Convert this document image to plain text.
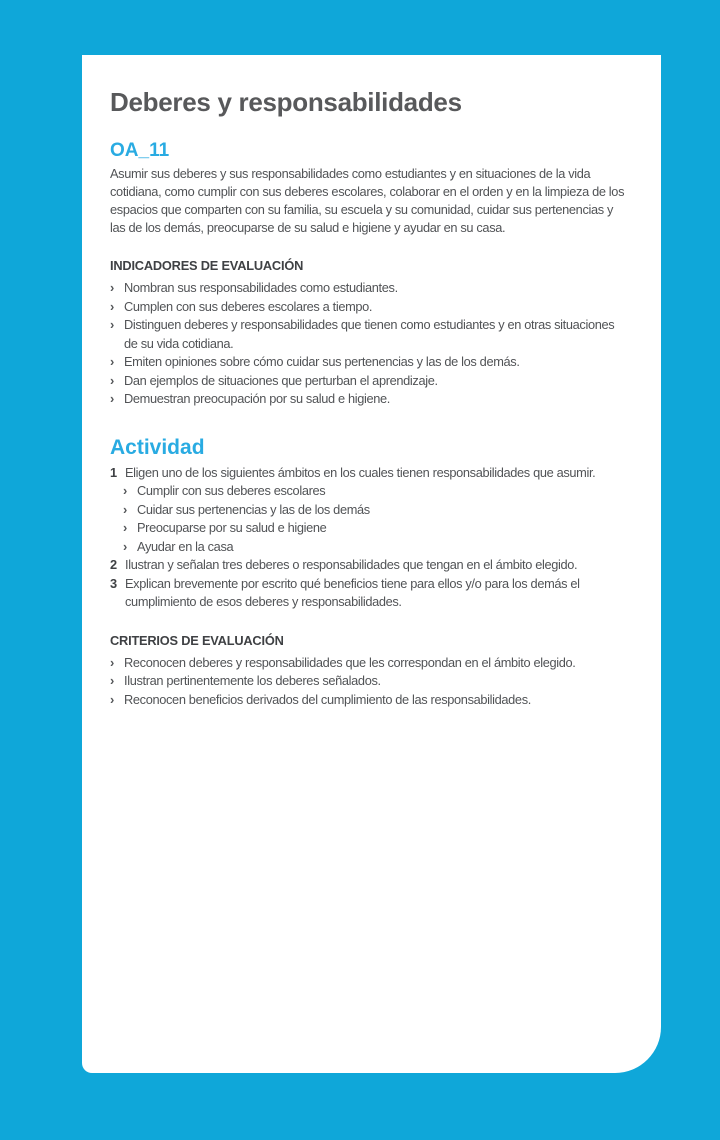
Deberes y responsabilidades
OA_11

Asumir sus deberes y sus responsabilidades como estudiantes y en situaciones de la vida cotidiana, como cumplir con sus deberes escolares, colaborar en el orden y en la limpieza de los espacios que comparten con su familia, su escuela y su comunidad, cuidar sus pertenencias y las de los demás, preocuparse de su salud e higiene y ayudar en su casa.

INDICADORES DE EVALUACIÓN
› Nombran sus responsabilidades como estudiantes.
› Cumplen con sus deberes escolares a tiempo.
› Distinguen deberes y responsabilidades que tienen como estudiantes y en otras situaciones de su vida cotidiana.
› Emiten opiniones sobre cómo cuidar sus pertenencias y las de los demás.
› Dan ejemplos de situaciones que perturban el aprendizaje.
› Demuestran preocupación por su salud e higiene.
Actividad
1 Eligen uno de los siguientes ámbitos en los cuales tienen responsabilidades que asumir.
› Cumplir con sus deberes escolares
› Cuidar sus pertenencias y las de los demás
› Preocuparse por su salud e higiene
› Ayudar en la casa
2 Ilustran y señalan tres deberes o responsabilidades que tengan en el ámbito elegido.
3 Explican brevemente por escrito qué beneficios tiene para ellos y/o para los demás el cumplimiento de esos deberes y responsabilidades.
CRITERIOS DE EVALUACIÓN
› Reconocen deberes y responsabilidades que les correspondan en el ámbito elegido.
› Ilustran pertinentemente los deberes señalados.
› Reconocen beneficios derivados del cumplimiento de las responsabilidades.
